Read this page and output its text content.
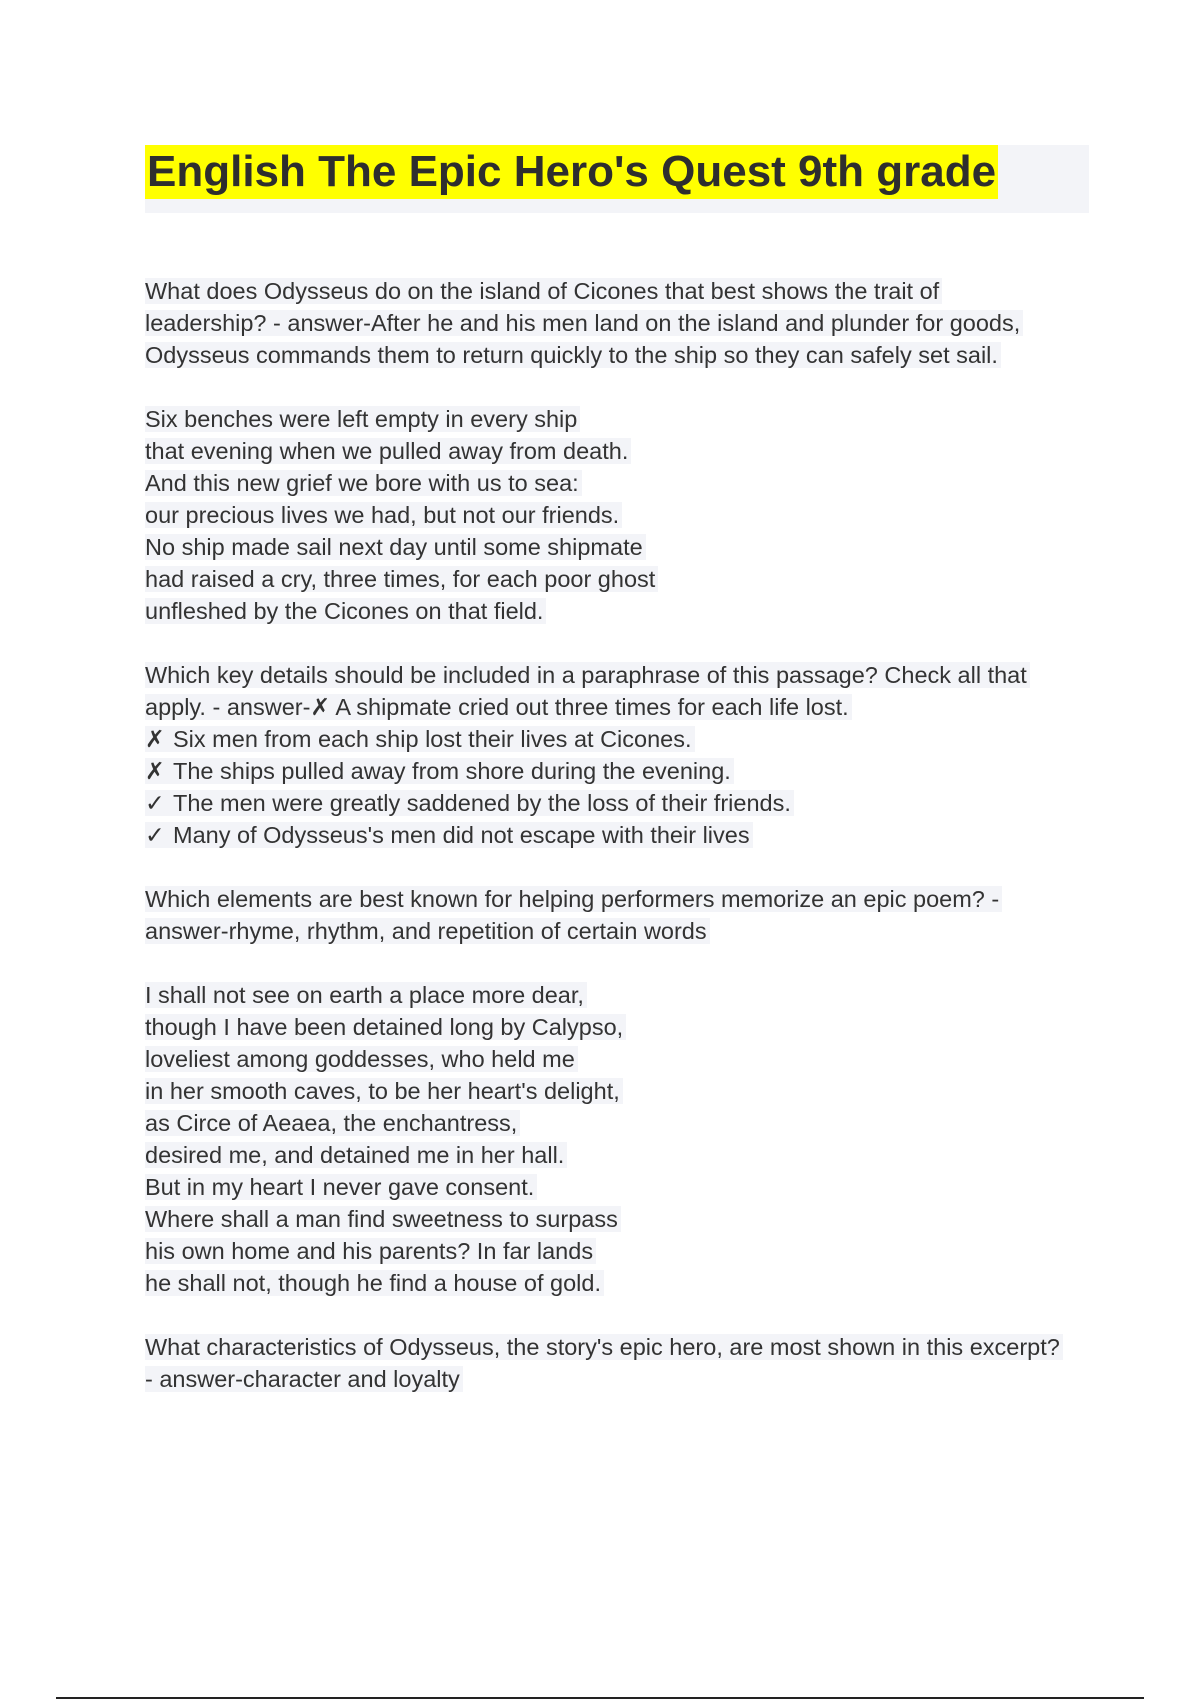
English The Epic Hero's Quest 9th grade
What does Odysseus do on the island of Cicones that best shows the trait of
leadership? - answer-After he and his men land on the island and plunder for goods,
Odysseus commands them to return quickly to the ship so they can safely set sail.
Six benches were left empty in every ship
that evening when we pulled away from death.
And this new grief we bore with us to sea:
our precious lives we had, but not our friends.
No ship made sail next day until some shipmate
had raised a cry, three times, for each poor ghost
unfleshed by the Cicones on that field.
Which key details should be included in a paraphrase of this passage? Check all that
apply. - answer-✗ A shipmate cried out three times for each life lost.
✗ Six men from each ship lost their lives at Cicones.
✗ The ships pulled away from shore during the evening.
✓ The men were greatly saddened by the loss of their friends.
✓ Many of Odysseus's men did not escape with their lives
Which elements are best known for helping performers memorize an epic poem? -
answer-rhyme, rhythm, and repetition of certain words
I shall not see on earth a place more dear,
though I have been detained long by Calypso,
loveliest among goddesses, who held me
in her smooth caves, to be her heart's delight,
as Circe of Aeaea, the enchantress,
desired me, and detained me in her hall.
But in my heart I never gave consent.
Where shall a man find sweetness to surpass
his own home and his parents? In far lands
he shall not, though he find a house of gold.
What characteristics of Odysseus, the story's epic hero, are most shown in this excerpt?
- answer-character and loyalty
